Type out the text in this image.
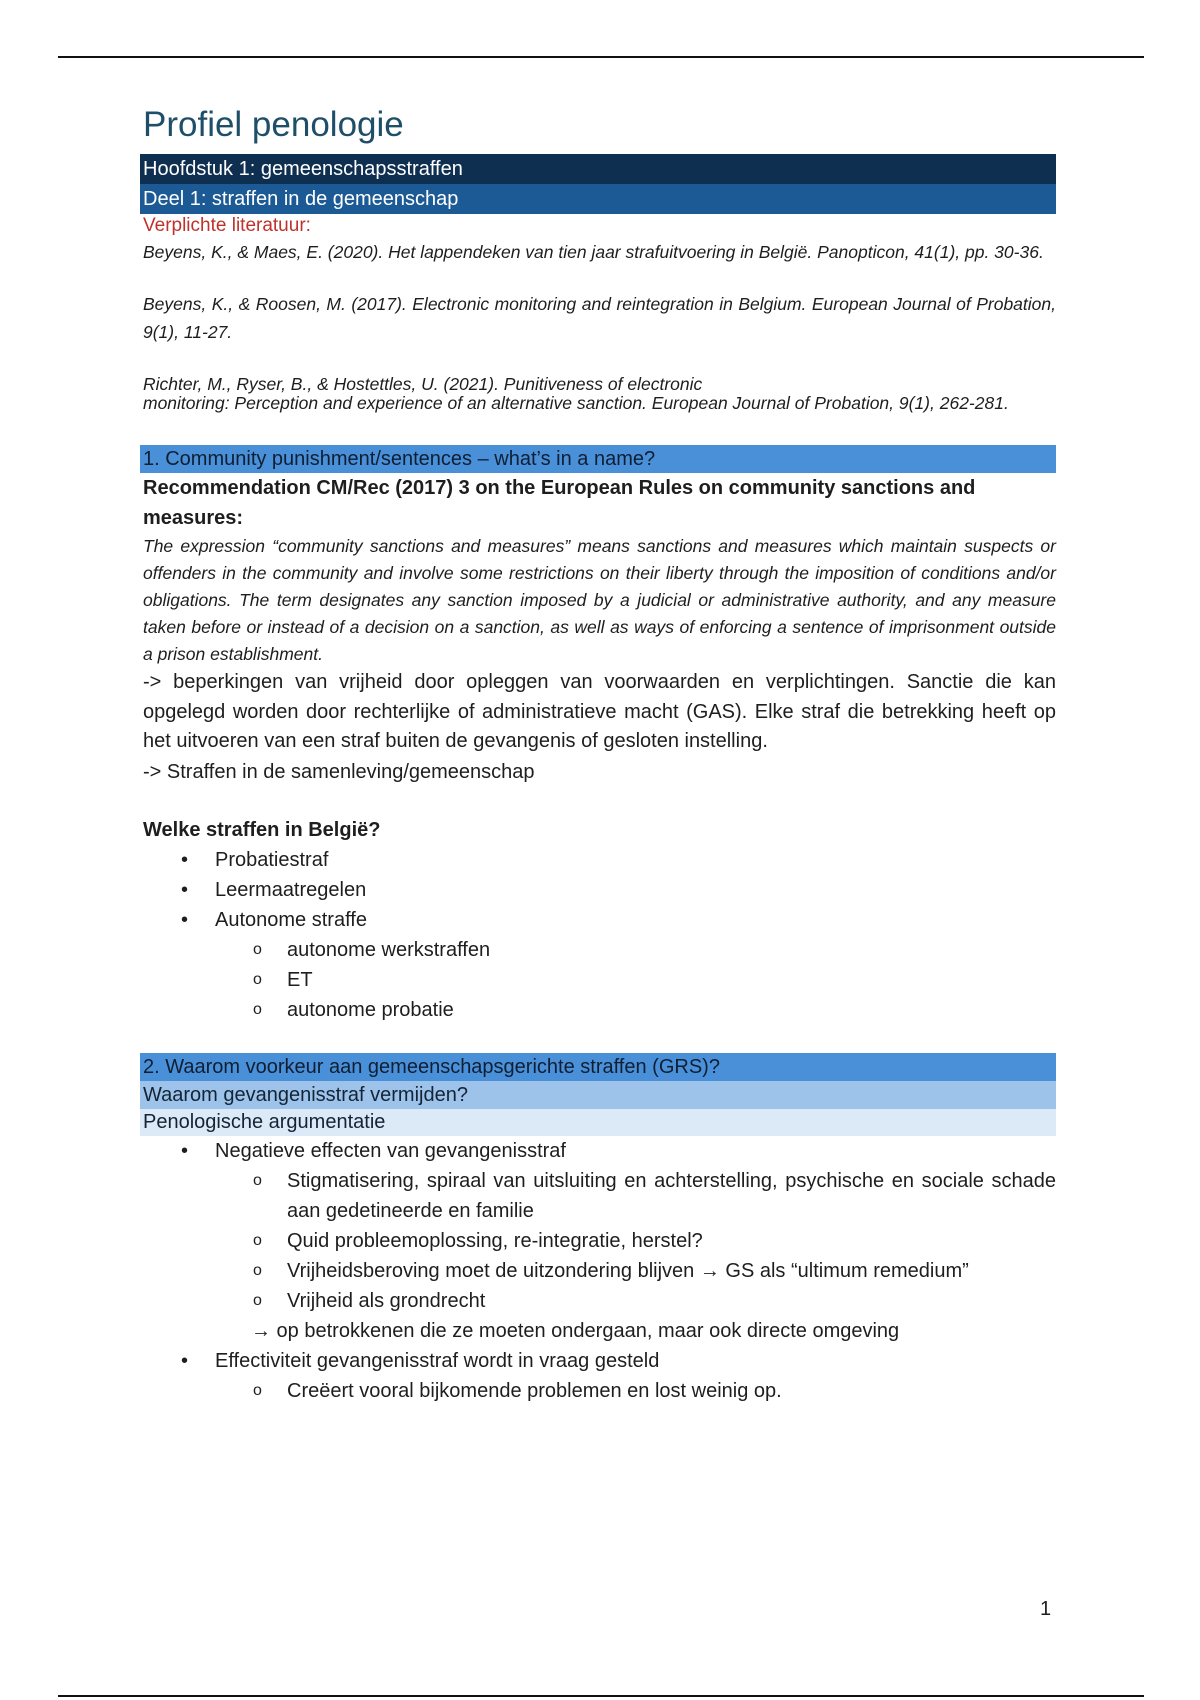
Profiel penologie
Hoofdstuk 1: gemeenschapsstraffen
Deel 1: straffen in de gemeenschap
Verplichte literatuur:
Beyens, K., & Maes, E. (2020). Het lappendeken van tien jaar strafuitvoering in België. Panopticon, 41(1), pp. 30-36.
Beyens, K., & Roosen, M. (2017). Electronic monitoring and reintegration in Belgium. European Journal of Probation, 9(1), 11-27.
Richter, M., Ryser, B., & Hostettles, U. (2021). Punitiveness of electronic
monitoring: Perception and experience of an alternative sanction. European Journal of Probation, 9(1), 262-281.
1. Community punishment/sentences – what’s in a name?
Recommendation CM/Rec (2017) 3 on the European Rules on community sanctions and measures:
The expression “community sanctions and measures” means sanctions and measures which maintain suspects or offenders in the community and involve some restrictions on their liberty through the imposition of conditions and/or obligations. The term designates any sanction imposed by a judicial or administrative authority, and any measure taken before or instead of a decision on a sanction, as well as ways of enforcing a sentence of imprisonment outside a prison establishment.
-> beperkingen van vrijheid door opleggen van voorwaarden en verplichtingen. Sanctie die kan opgelegd worden door rechterlijke of administratieve macht (GAS). Elke straf die betrekking heeft op het uitvoeren van een straf buiten de gevangenis of gesloten instelling.
-> Straffen in de samenleving/gemeenschap
Welke straffen in België?
• Probatiestraf
• Leermaatregelen
• Autonome straffe
o autonome werkstraffen
o ET
o autonome probatie
2. Waarom voorkeur aan gemeenschapsgerichte straffen (GRS)?
Waarom gevangenisstraf vermijden?
Penologische argumentatie
• Negatieve effecten van gevangenisstraf
o Stigmatisering, spiraal van uitsluiting en achterstelling, psychische en sociale schade aan gedetineerde en familie
o Quid probleemoplossing, re-integratie, herstel?
o Vrijheidsberoving moet de uitzondering blijven → GS als “ultimum remedium”
o Vrijheid als grondrecht
→ op betrokkenen die ze moeten ondergaan, maar ook directe omgeving
• Effectiviteit gevangenisstraf wordt in vraag gesteld
o Creëert vooral bijkomende problemen en lost weinig op.
1
